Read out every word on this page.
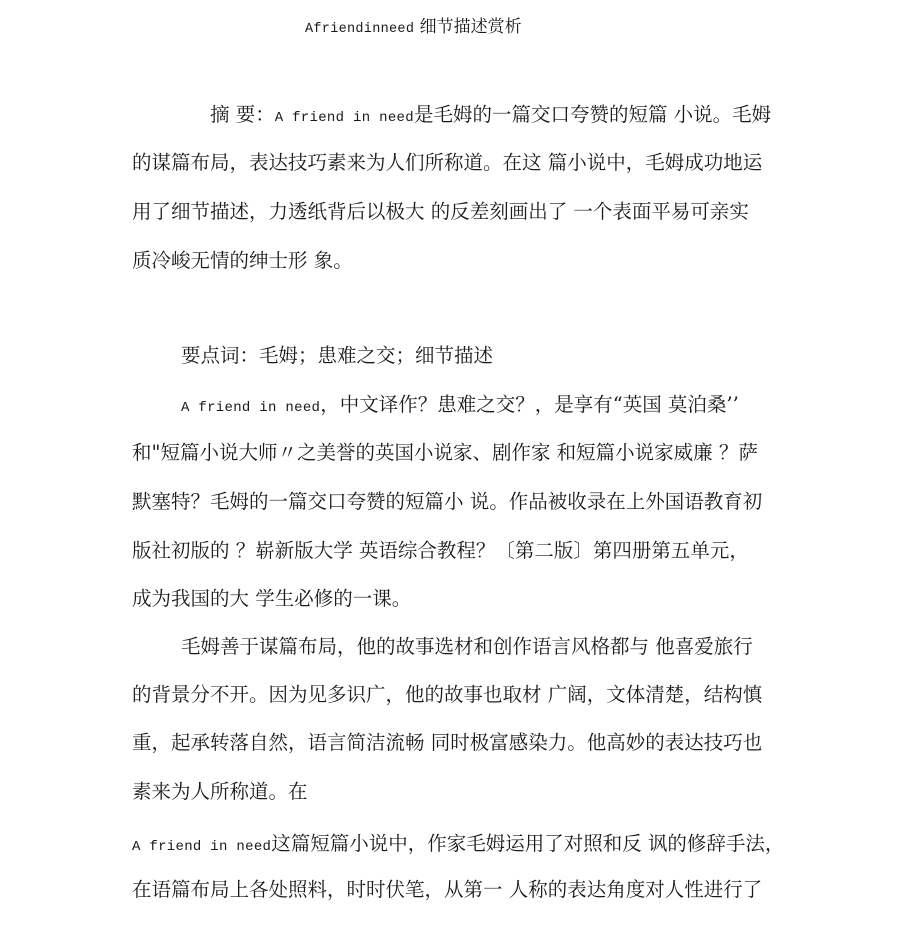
Afriendinneed 细节描述赏析
摘 要：A friend in need是毛姆的一篇交口夸赞的短篇 小说。毛姆
的谋篇布局，表达技巧素来为人们所称道。在这 篇小说中，毛姆成功地运
用了细节描述，力透纸背后以极大 的反差刻画出了 一个表面平易可亲实
质冷峻无情的绅士形 象。
要点词：毛姆；患难之交；细节描述
A friend in need，中文译作？患难之交？，是享有“英国 莫泊桑’’
和"短篇小说大师〃之美誉的英国小说家、剧作家 和短篇小说家威廉 ？萨
默塞特？毛姆的一篇交口夸赞的短篇小 说。作品被收录在上外国语教育初
版社初版的 ？崭新版大学 英语综合教程？〔第二版〕第四册第五单元，
成为我国的大 学生必修的一课。
毛姆善于谋篇布局，他的故事选材和创作语言风格都与 他喜爱旅行
的背景分不开。因为见多识广，他的故事也取材 广阔，文体清楚，结构慎
重，起承转落自然，语言简洁流畅 同时极富感染力。他高妙的表达技巧也
素来为人所称道。在
A friend in need这篇短篇小说中，作家毛姆运用了对照和反 讽的修辞手法，
在语篇布局上各处照料，时时伏笔，从第一 人称的表达角度对人性进行了
